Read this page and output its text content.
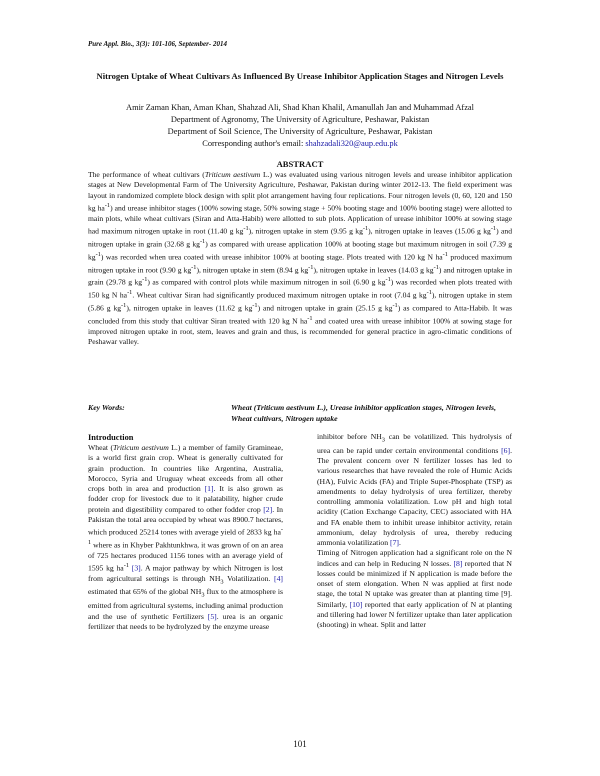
Pure Appl. Bio., 3(3): 101-106, September- 2014
Nitrogen Uptake of Wheat Cultivars As Influenced By Urease Inhibitor Application Stages and Nitrogen Levels
Amir Zaman Khan, Aman Khan, Shahzad Ali, Shad Khan Khalil, Amanullah Jan and Muhammad Afzal
Department of Agronomy, The University of Agriculture, Peshawar, Pakistan
Department of Soil Science, The University of Agriculture, Peshawar, Pakistan
Corresponding author's email: shahzadali320@aup.edu.pk
ABSTRACT
The performance of wheat cultivars (Triticum aestivum L.) was evaluated using various nitrogen levels and urease inhibitor application stages at New Developmental Farm of The University Agriculture, Peshawar, Pakistan during winter 2012-13. The field experiment was layout in randomized complete block design with split plot arrangement having four replications. Four nitrogen levels (0, 60, 120 and 150 kg $ha^{-1}$) and urease inhibitor stages (100% sowing stage, 50% sowing stage + 50% booting stage and 100% booting stage) were allotted to main plots, while wheat cultivars (Siran and Atta-Habib) were allotted to sub plots. Application of urease inhibitor 100% at sowing stage had maximum nitrogen uptake in root (11.40 g $kg^{-1}$), nitrogen uptake in stem (9.95 g $kg^{-1}$), nitrogen uptake in leaves (15.06 g $kg^{-1}$) and nitrogen uptake in grain (32.68 g $kg^{-1}$) as compared with urease application 100% at booting stage but maximum nitrogen in soil (7.39 g $kg^{-1}$) was recorded when urea coated with urease inhibitor 100% at booting stage. Plots treated with 120 kg N $ha^{-1}$ produced maximum nitrogen uptake in root (9.90 g $kg^{-1}$), nitrogen uptake in stem (8.94 g $kg^{-1}$), nitrogen uptake in leaves (14.03 g $kg^{-1}$) and nitrogen uptake in grain (29.78 g $kg^{-1}$) as compared with control plots while maximum nitrogen in soil (6.90 g $kg^{-1}$) was recorded when plots treated with 150 kg N $ha^{-1}$. Wheat cultivar Siran had significantly produced maximum nitrogen uptake in root (7.04 g $kg^{-1}$), nitrogen uptake in stem (5.86 g $kg^{-1}$), nitrogen uptake in leaves (11.62 g $kg^{-1}$) and nitrogen uptake in grain (25.15 g $kg^{-1}$) as compared to Atta-Habib. It was concluded from this study that cultivar Siran treated with 120 kg N $ha^{-1}$ and coated urea with urease inhibitor 100% at sowing stage for improved nitrogen uptake in root, stem, leaves and grain and thus, is recommended for general practice in agro-climatic conditions of Peshawar valley.
Key Words:	Wheat (Triticum aestivum L.), Urease inhibitor application stages, Nitrogen levels, Wheat cultivars, Nitrogen uptake
Introduction

Wheat (Triticum aestivum L.) a member of family Gramineae, is a world first grain crop. Wheat is generally cultivated for grain production. In countries like Argentina, Australia, Morocco, Syria and Uruguay wheat exceeds from all other crops both in area and production [1]. It is also grown as fodder crop for livestock due to it palatability, higher crude protein and digestibility compared to other fodder crop [2]. In Pakistan the total area occupied by wheat was 8900.7 hectares, which produced 25214 tones with average yield of 2833 kg $ha^{-1}$ where as in Khyber Pakhtunkhwa, it was grown of on an area of 725 hectares produced 1156 tones with an average yield of 1595 kg $ha^{-1}$ [3]. A major pathway by which Nitrogen is lost from agricultural settings is through $NH_3$ Volatilization. [4] estimated that 65% of the global $NH_3$ flux to the atmosphere is emitted from agricultural systems, including animal production and the use of synthetic Fertilizers [5]. urea is an organic fertilizer that needs to be hydrolyzed by the enzyme urease

inhibitor before $NH_3$ can be volatilized. This hydrolysis of urea can be rapid under certain environmental conditions [6]. The prevalent concern over N fertilizer losses has led to various researches that have revealed the role of Humic Acids (HA), Fulvic Acids (FA) and Triple Super-Phosphate (TSP) as amendments to delay hydrolysis of urea fertilizer, thereby controlling ammonia volatilization. Low pH and high total acidity (Cation Exchange Capacity, CEC) associated with HA and FA enable them to inhibit urease inhibitor activity, retain ammonium, delay hydrolysis of urea, thereby reducing ammonia volatilization [7].

Timing of Nitrogen application had a significant role on the N indices and can help in Reducing N losses. [8] reported that N losses could be minimized if N application is made before the onset of stem elongation. When N was applied at first node stage, the total N uptake was greater than at planting time [9]. Similarly, [10] reported that early application of N at planting and tillering had lower N fertilizer uptake than later application (shooting) in wheat. Split and latter

101
